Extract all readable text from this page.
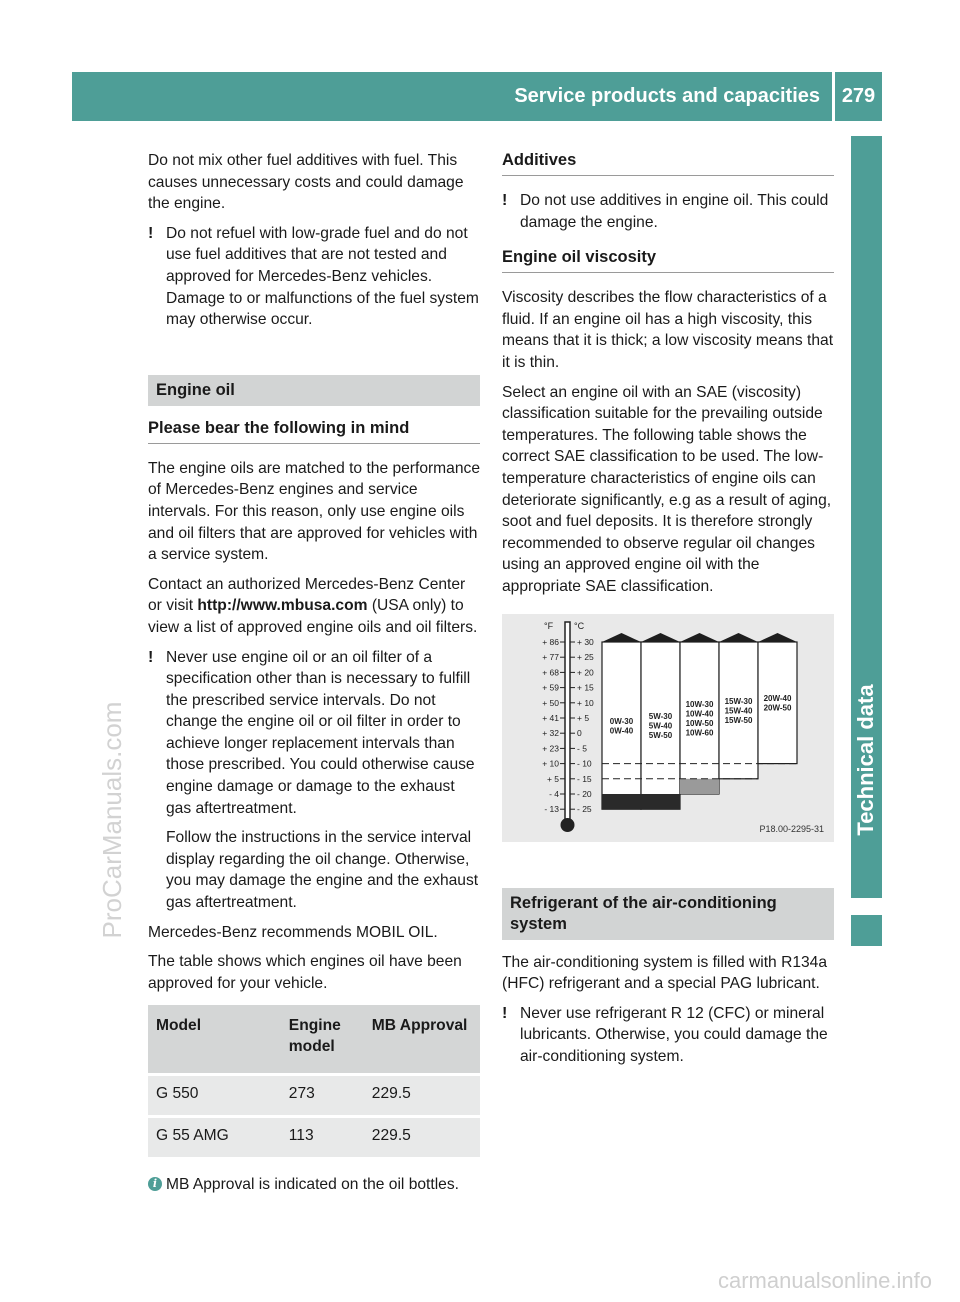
Service products and capacities	279
Technical data
ProCarManuals.com
carmanualsonline.info

Do not mix other fuel additives with fuel. This causes unnecessary costs and could damage the engine.

! Do not refuel with low-grade fuel and do not use fuel additives that are not tested and approved for Mercedes-Benz vehicles. Damage to or malfunctions of the fuel system may otherwise occur.
Engine oil
Please bear the following in mind

The engine oils are matched to the performance of Mercedes-Benz engines and service intervals. For this reason, only use engine oils and oil filters that are approved for vehicles with a service system.

Contact an authorized Mercedes-Benz Center or visit http://www.mbusa.com (USA only) to view a list of approved engine oils and oil filters.

! Never use engine oil or an oil filter of a specification other than is necessary to fulfill the prescribed service intervals. Do not change the engine oil or oil filter in order to achieve longer replacement intervals than those prescribed. You could otherwise cause engine damage or damage to the exhaust gas aftertreatment.
Follow the instructions in the service interval display regarding the oil change. Otherwise, you may damage the engine and the exhaust gas aftertreatment.

Mercedes-Benz recommends MOBIL OIL.

The table shows which engines oil have been approved for your vehicle.

Model	Engine model	MB Approval
G 550	273	229.5
G 55 AMG	113	229.5
i MB Approval is indicated on the oil bottles.
Additives
! Do not use additives in engine oil. This could damage the engine.
Engine oil viscosity

Viscosity describes the flow characteristics of a fluid. If an engine oil has a high viscosity, this means that it is thick; a low viscosity means that it is thin.

Select an engine oil with an SAE (viscosity) classification suitable for the prevailing outside temperatures. The following table shows the correct SAE classification to be used. The low-temperature characteristics of engine oils can deteriorate significantly, e.g as a result of aging, soot and fuel deposits. It is therefore strongly recommended to observe regular oil changes using an approved engine oil with the appropriate SAE classification.

°F °C
+ 86
+ 77
+ 68
+ 59
+ 50
+ 41
+ 32
+ 23
+ 10
+ 5
- 4
- 13
+ 30
+ 25
+ 20
+ 15
+ 10
+ 5
0
- 5
- 10
- 15
- 20
- 25
0W-30
0W-40
5W-30
5W-40
5W-50
10W-30
10W-40
10W-50
10W-60
15W-30
15W-40
15W-50
20W-40
20W-50
P18.00-2295-31
Refrigerant of the air-conditioning system

The air-conditioning system is filled with R134a (HFC) refrigerant and a special PAG lubricant.

! Never use refrigerant R 12 (CFC) or mineral lubricants. Otherwise, you could damage the air-conditioning system.
